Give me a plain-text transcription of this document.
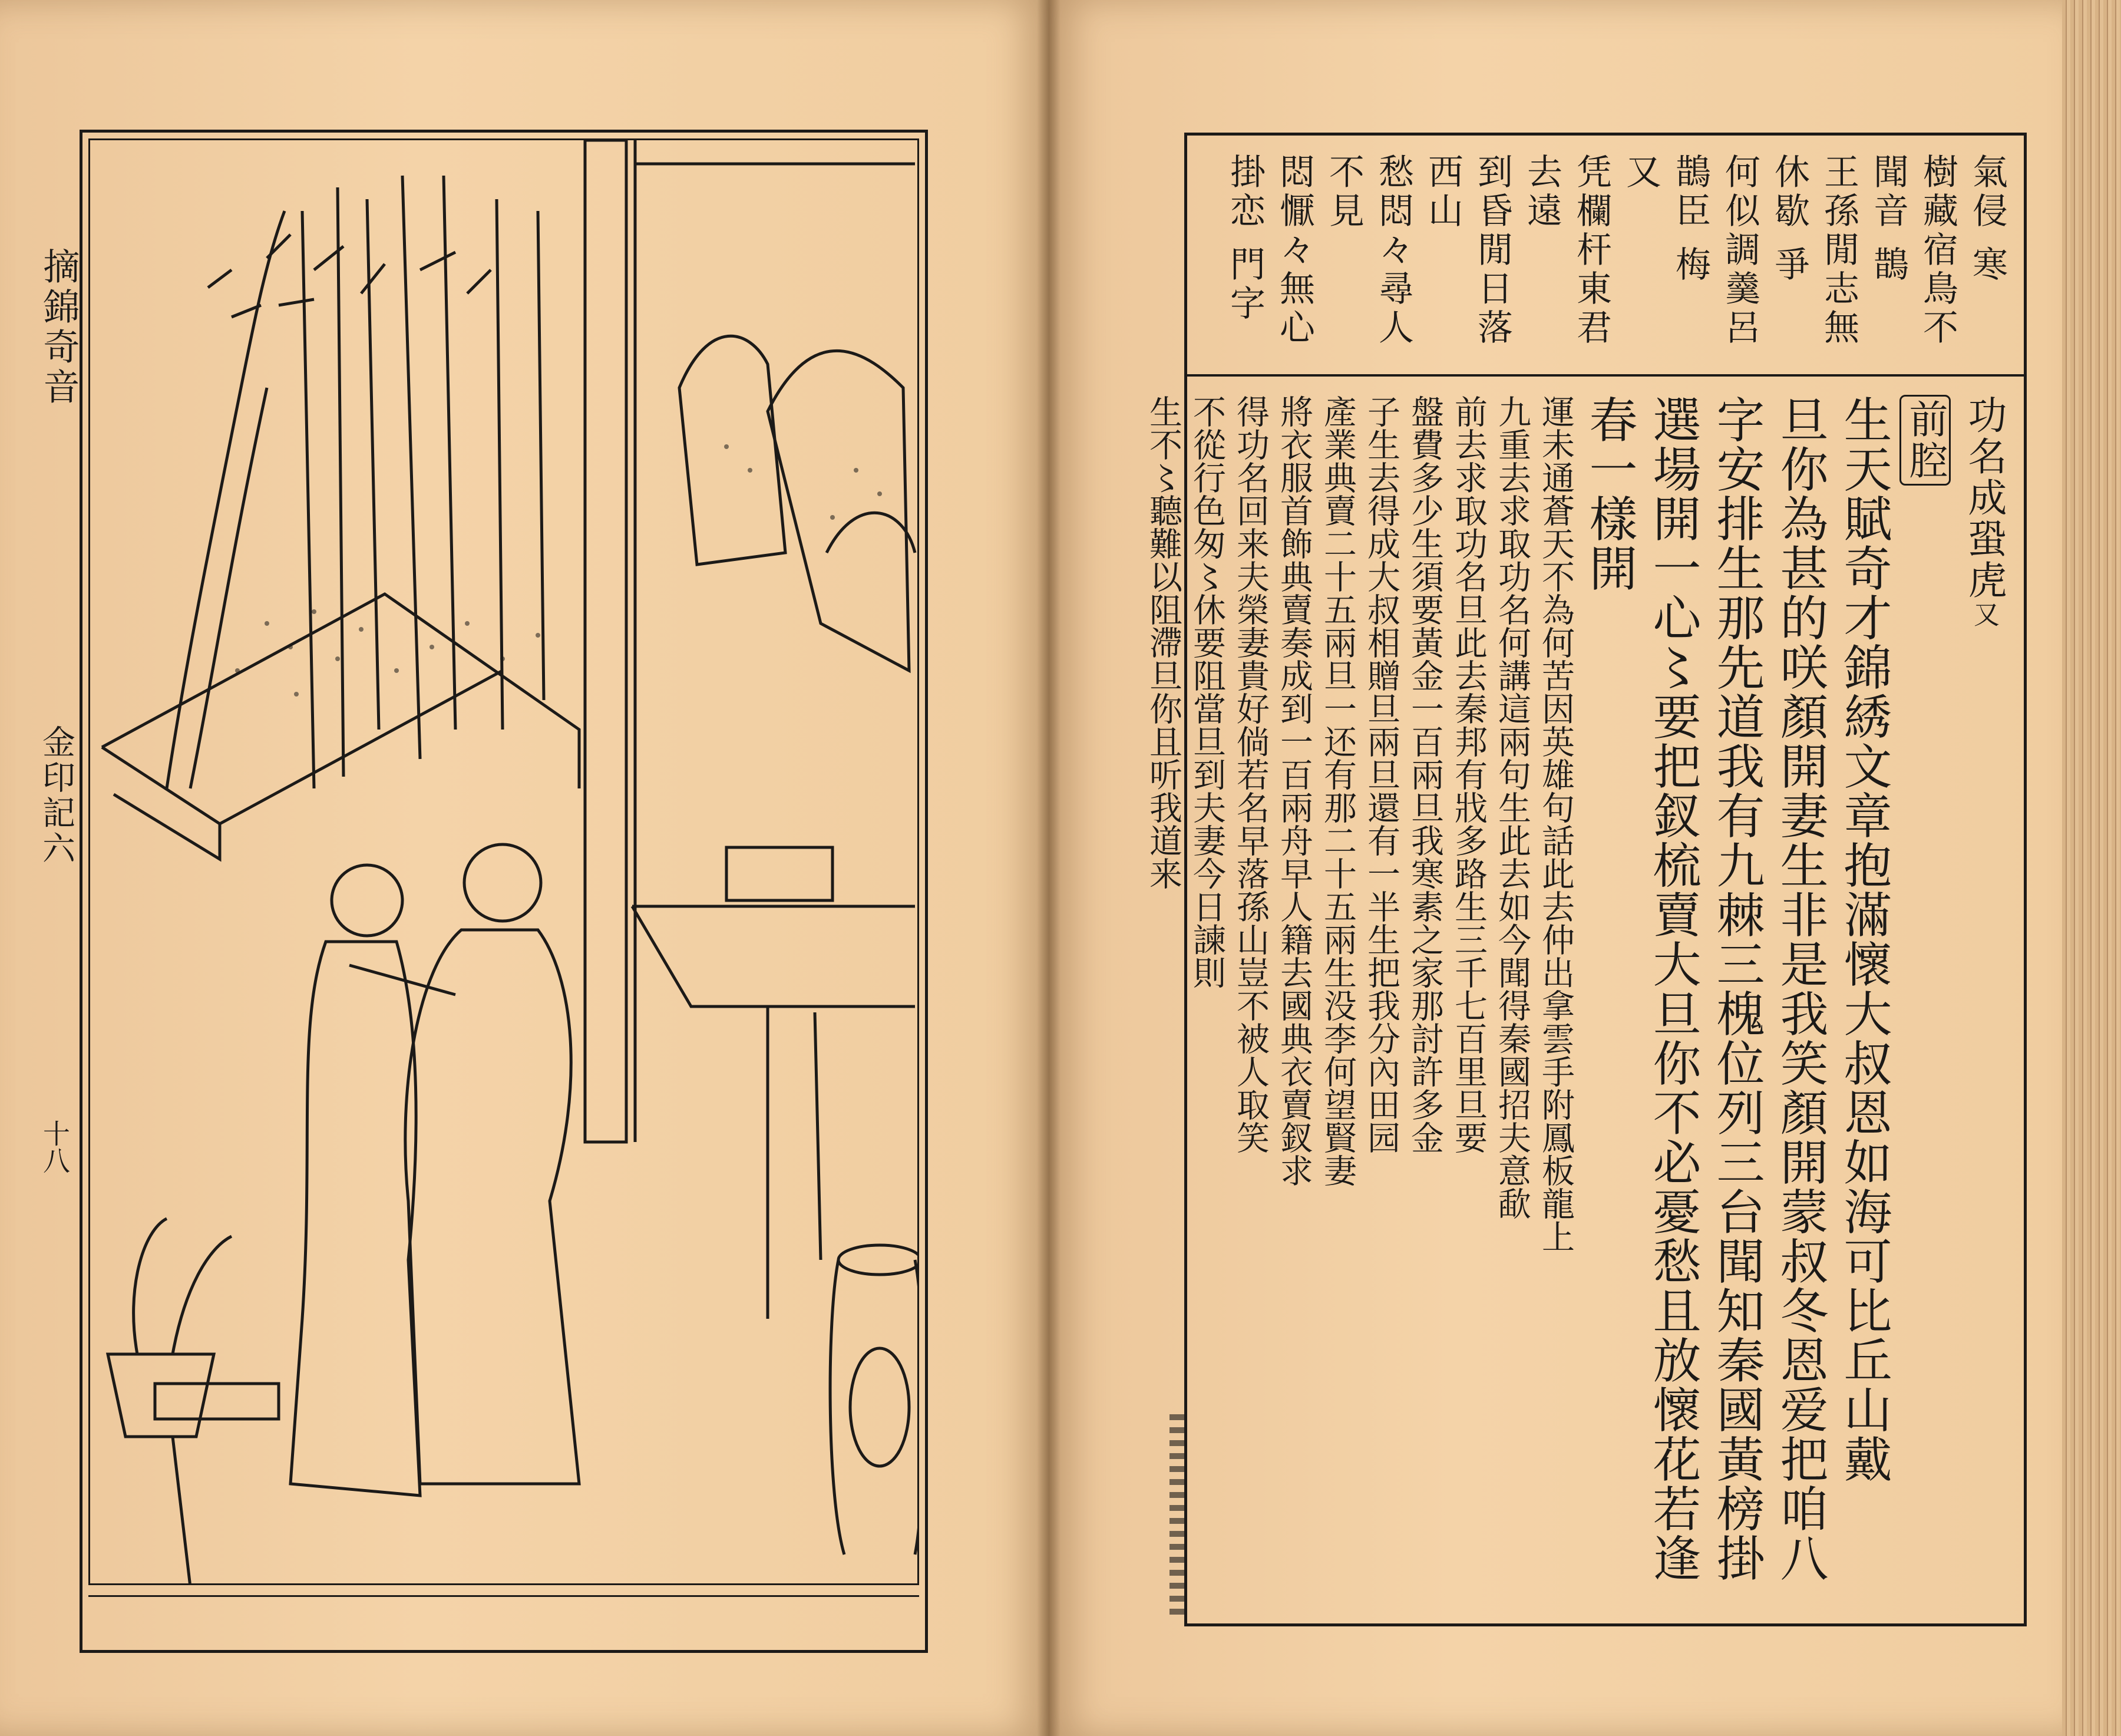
摘錦奇音
金印記六
十八
氣侵 寒
樹藏宿鳥不
聞音 鵲
王孫閒志無
休歇 爭
何似調羹呂
鵲臣 梅
又
凭欄杆東君
去遠
到昏閒日落
西山
愁悶々尋人
不見
悶懨々無心
掛恋 門字
功名成蛩虎又
前腔
生天賦奇才錦綉文章抱滿懷大叔恩如海可比丘山戴
旦你為甚的咲顏開妻生非是我笑顏開蒙叔冬恩爱把咱八
字安排生那先道我有九棘三槐位列三台聞知秦國黃榜掛
選場開一心〻要把釵梳賣大旦你不必憂愁且放懷花若逢
春一樣開
運未通蒼天不為何苦因英雄句話此去仲出拿雲手附鳳板龍上
九重去求取功名何講這兩句生此去如今聞得秦國招夫意歃
前去求取功名旦此去秦邦有戕多路生三千七百里旦要
盤費多少生須要黃金一百兩旦我寒素之家那討許多金
子生去得成大叔相贈旦兩旦還有一半生把我分內田园
產業典賣二十五兩旦一还有那二十五兩生没李何望賢妻
將衣服首飾典賣奏成到一百兩舟早人籍去國典衣賣釵求
得功名回来夫榮妻貴好倘若名早落孫山豈不被人取笑
不從行色匆〻休要阻當旦到夫妻今日諫則
生不〻聽難以阻滯旦你且听我道来
